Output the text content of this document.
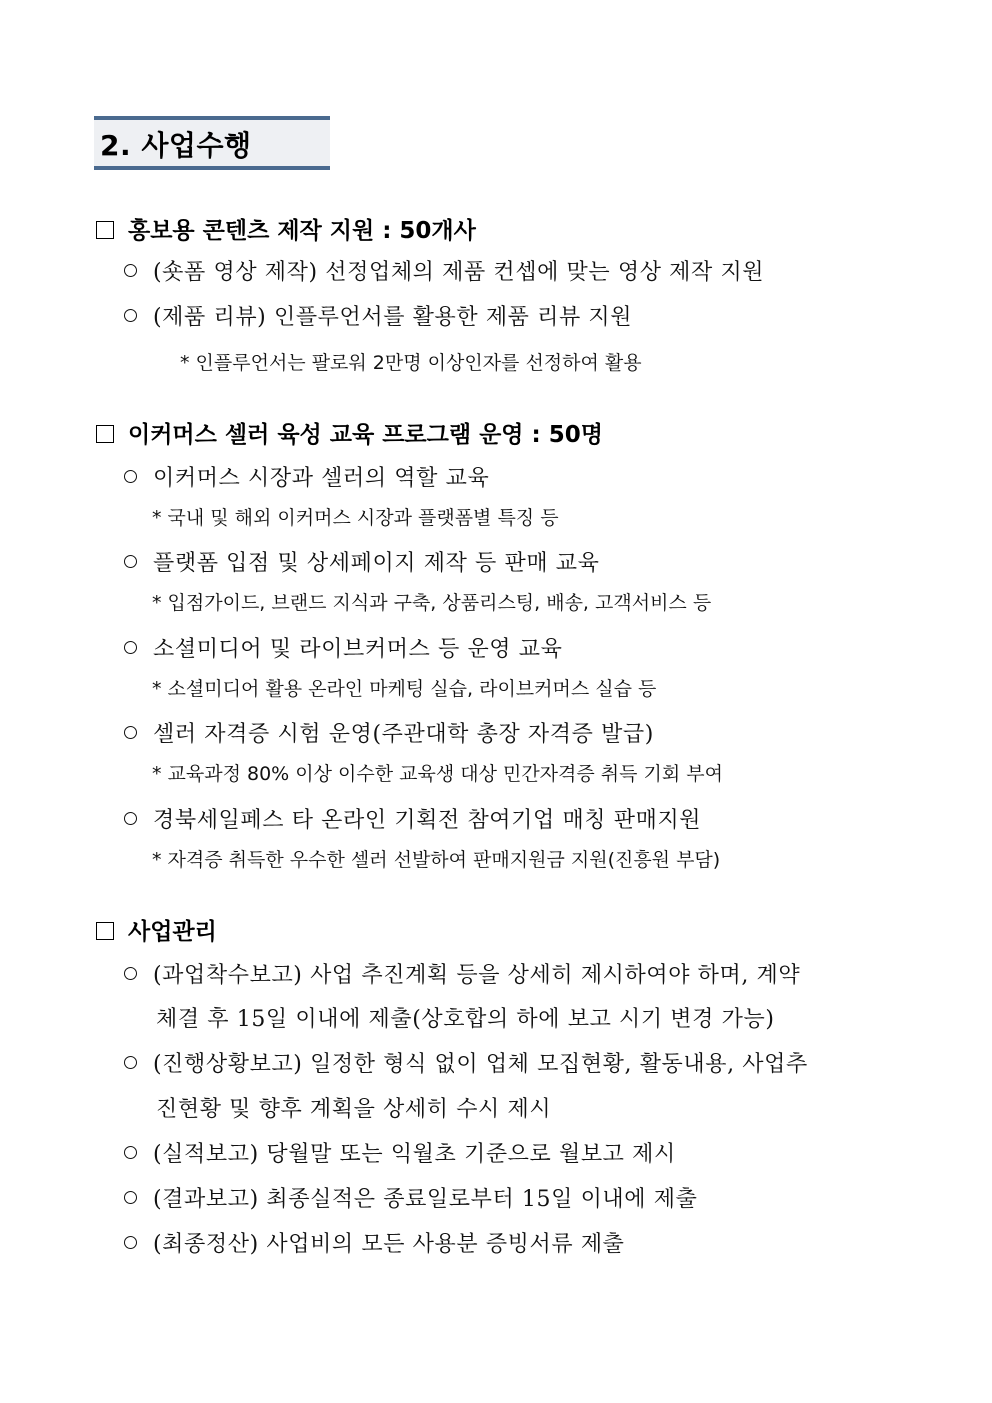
2. 사업수행
홍보용 콘텐츠 제작 지원 : 50개사
(숏폼 영상 제작) 선정업체의 제품 컨셉에 맞는 영상 제작 지원
(제품 리뷰) 인플루언서를 활용한 제품 리뷰 지원
* 인플루언서는 팔로워 2만명 이상인자를 선정하여 활용
이커머스 셀러 육성 교육 프로그램 운영 : 50명
이커머스 시장과 셀러의 역할 교육
* 국내 및 해외 이커머스 시장과 플랫폼별 특징 등
플랫폼 입점 및 상세페이지 제작 등 판매 교육
* 입점가이드, 브랜드 지식과 구축, 상품리스팅, 배송, 고객서비스 등
소셜미디어 및 라이브커머스 등 운영 교육
* 소셜미디어 활용 온라인 마케팅 실습, 라이브커머스 실습 등
셀러 자격증 시험 운영(주관대학 총장 자격증 발급)
* 교육과정 80% 이상 이수한 교육생 대상 민간자격증 취득 기회 부여
경북세일페스 타 온라인 기획전 참여기업 매칭 판매지원
* 자격증 취득한 우수한 셀러 선발하여 판매지원금 지원(진흥원 부담)
사업관리
(과업착수보고) 사업 추진계획 등을 상세히 제시하여야 하며, 계약
체결 후 15일 이내에 제출(상호합의 하에 보고 시기 변경 가능)
(진행상황보고) 일정한 형식 없이 업체 모집현황, 활동내용, 사업추
진현황 및 향후 계획을 상세히 수시 제시
(실적보고) 당월말 또는 익월초 기준으로 월보고 제시
(결과보고) 최종실적은 종료일로부터 15일 이내에 제출
(최종정산) 사업비의 모든 사용분 증빙서류 제출
